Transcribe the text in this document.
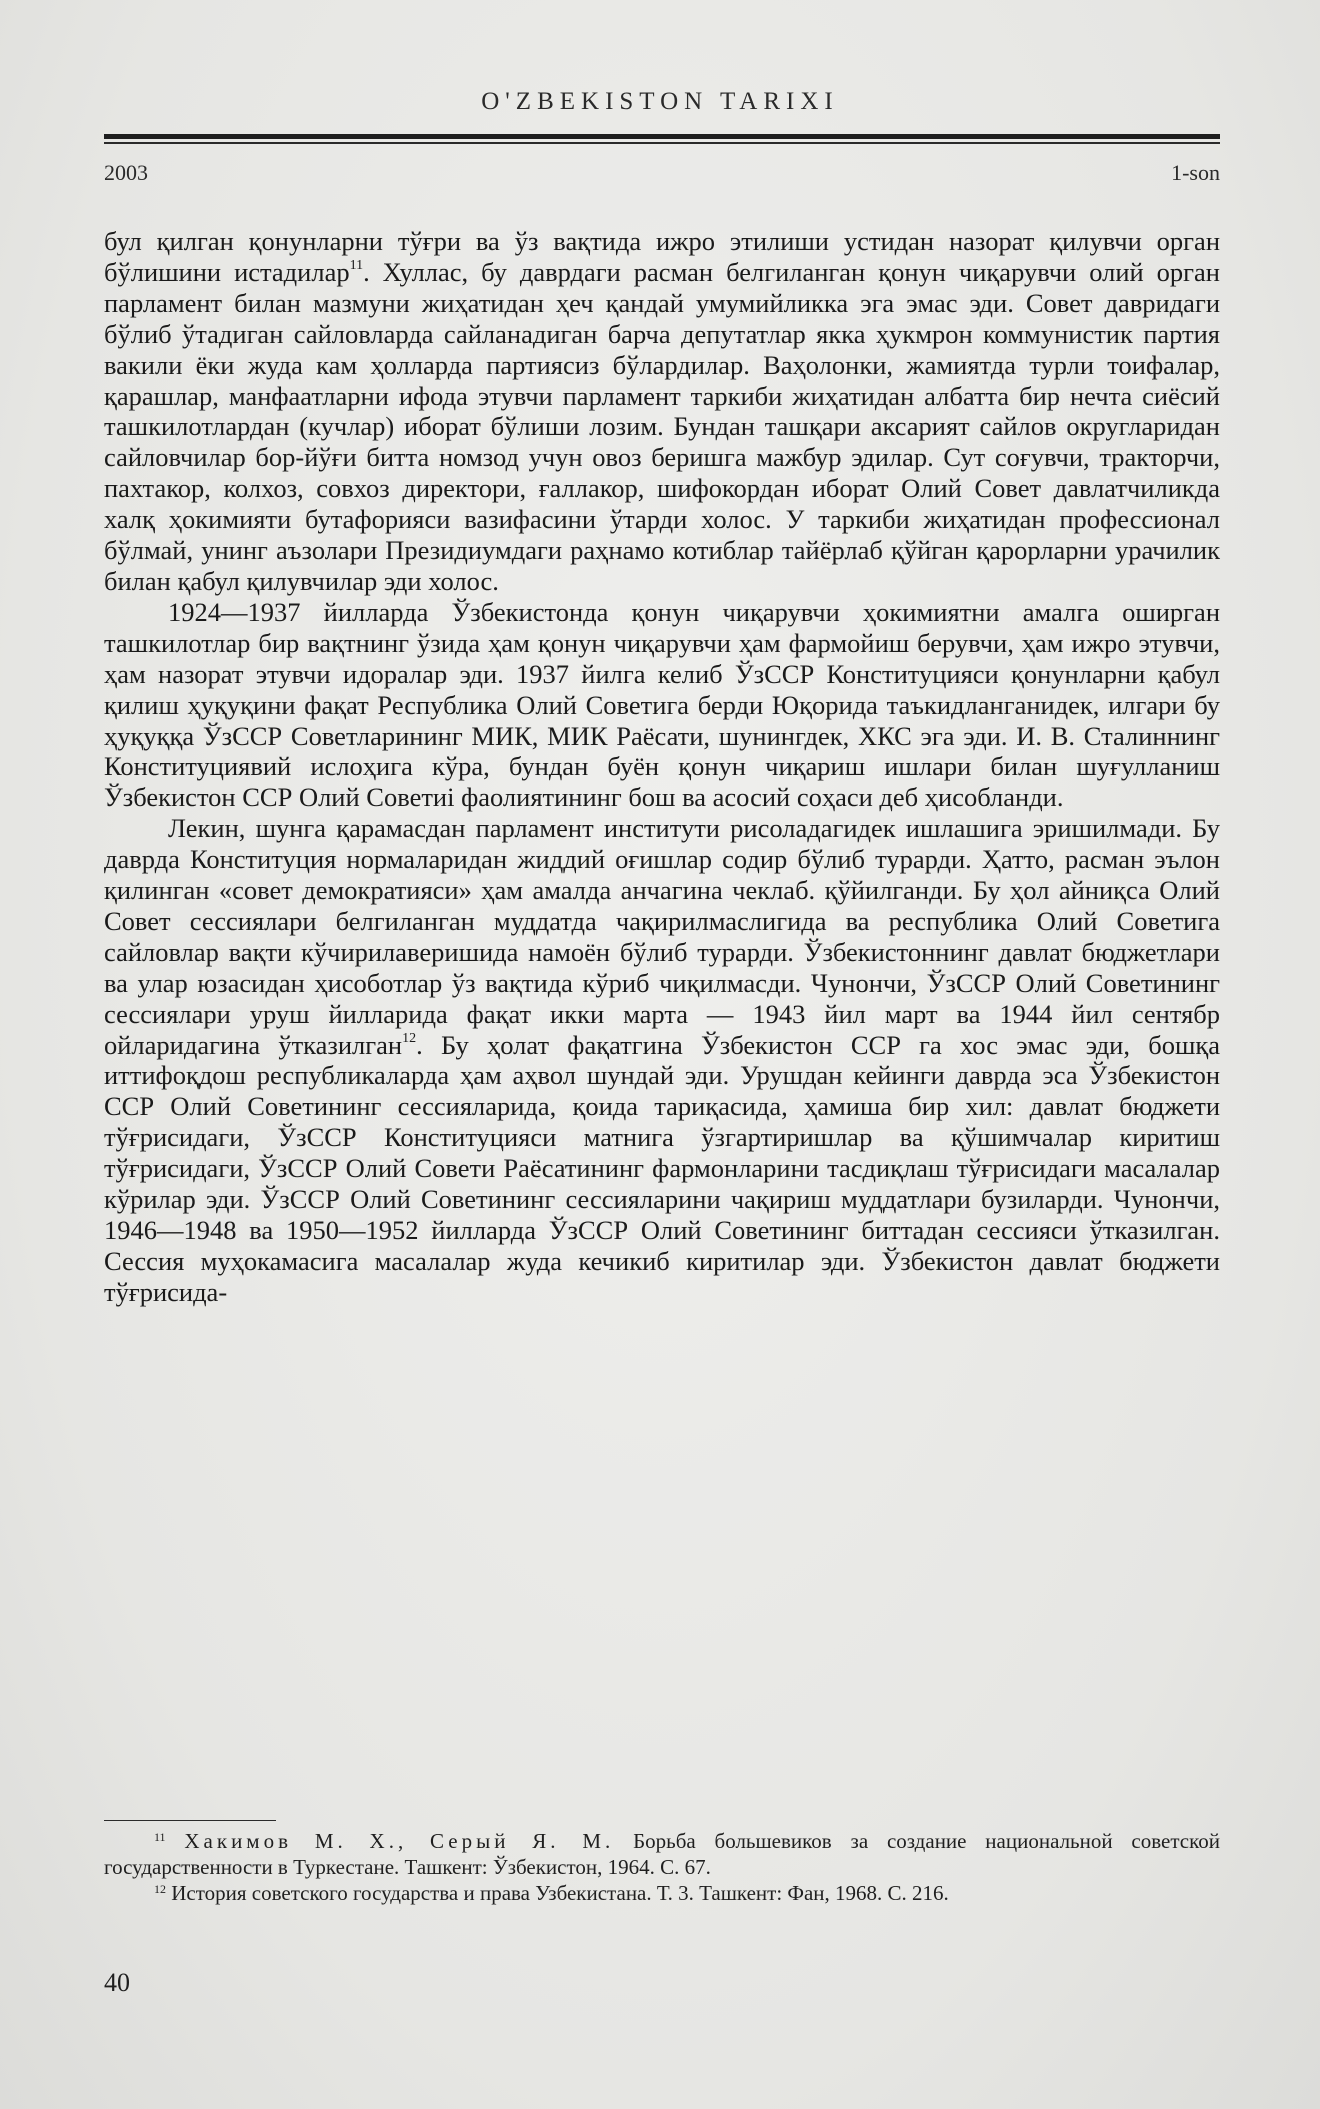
O'ZBEKISTON TARIXI
2003	1-son

бул қилган қонунларни тўғри ва ўз вақтида ижро этилиши устидан назорат қилувчи орган бўлишини истадилар$^{11}$. Хуллас, бу даврдаги расман белгиланган қонун чиқарувчи олий орган парламент билан мазмуни жиҳатидан ҳеч қандай умумийликка эга эмас эди. Совет давридаги бўлиб ўтадиган сайловларда сайланадиган барча депутатлар якка ҳукмрон коммунистик партия вакили ёки жуда кам ҳолларда партиясиз бўлардилар. Ваҳолонки, жамиятда турли тоифалар, қарашлар, манфаатларни ифода этувчи парламент таркиби жиҳатидан албатта бир нечта сиёсий ташкилотлардан (кучлар) иборат бўлиши лозим. Бундан ташқари аксарият сайлов округларидан сайловчилар бор-йўғи битта номзод учун овоз беришга мажбур эдилар. Сут соғувчи, тракторчи, пахтакор, колхоз, совхоз директори, ғаллакор, шифокордан иборат Олий Совет давлатчиликда халқ ҳокимияти бутафорияси вазифасини ўтарди холос. У таркиби жиҳатидан профессионал бўлмай, унинг аъзолари Президиумдаги раҳнамо котиблар тайёрлаб қўйган қарорларни урачилик билан қабул қилувчилар эди холос.

1924—1937 йилларда Ўзбекистонда қонун чиқарувчи ҳокимиятни амалга оширган ташкилотлар бир вақтнинг ўзида ҳам қонун чиқарувчи ҳам фармойиш берувчи, ҳам ижро этувчи, ҳам назорат этувчи идоралар эди. 1937 йилга келиб ЎзССР Конституцияси қонунларни қабул қилиш ҳуқуқини фақат Республика Олий Советига берди Юқорида таъкидланганидек, илгари бу ҳуқуққа ЎзССР Советларининг МИК, МИК Раёсати, шунингдек, ХКС эга эди. И. В. Сталиннинг Конституциявий ислоҳига кўра, бундан буён қонун чиқариш ишлари билан шуғулланиш Ўзбекистон ССР Олий Советиi фаолиятининг бош ва асосий соҳаси деб ҳисобланди.

Лекин, шунга қарамасдан парламент институти рисоладагидек ишлашига эришилмади. Бу даврда Конституция нормаларидан жиддий оғишлар содир бўлиб турарди. Ҳатто, расман эълон қилинган «совет демократияси» ҳам амалда анчагина чеклаб. қўйилганди. Бу ҳол айниқса Олий Совет сессиялари белгиланган муддатда чақирилмаслигида ва республика Олий Советига сайловлар вақти кўчирилаверишида намоён бўлиб турарди. Ўзбекистоннинг давлат бюджетлари ва улар юзасидан ҳисоботлар ўз вақтида кўриб чиқилмасди. Чунончи, ЎзССР Олий Советининг сессиялари уруш йилларида фақат икки марта — 1943 йил март ва 1944 йил сентябр ойларидагина ўтказилган$^{12}$. Бу ҳолат фақатгина Ўзбекистон ССР га хос эмас эди, бошқа иттифоқдош республикаларда ҳам аҳвол шундай эди. Урушдан кейинги даврда эса Ўзбекистон ССР Олий Советининг сессияларида, қоида тариқасида, ҳамиша бир хил: давлат бюджети тўғрисидаги, ЎзССР Конституцияси матнига ўзгартиришлар ва қўшимчалар киритиш тўғрисидаги, ЎзССР Олий Совети Раёсатининг фармонларини тасдиқлаш тўғрисидаги масалалар кўрилар эди. ЎзССР Олий Советининг сессияларини чақириш муддатлари бузиларди. Чунончи, 1946—1948 ва 1950—1952 йилларда ЎзССР Олий Советининг биттадан сессияси ўтказилган. Сессия муҳокамасига масалалар жуда кечикиб киритилар эди. Ўзбекистон давлат бюджети тўғрисида-

$^{11}$ Хакимов М. Х., Серый Я. М. Борьба большевиков за создание национальной советской государственности в Туркестане. Ташкент: Ўзбекистон, 1964. С. 67.

$^{12}$ История советского государства и права Узбекистана. Т. 3. Ташкент: Фан, 1968. С. 216.

40
